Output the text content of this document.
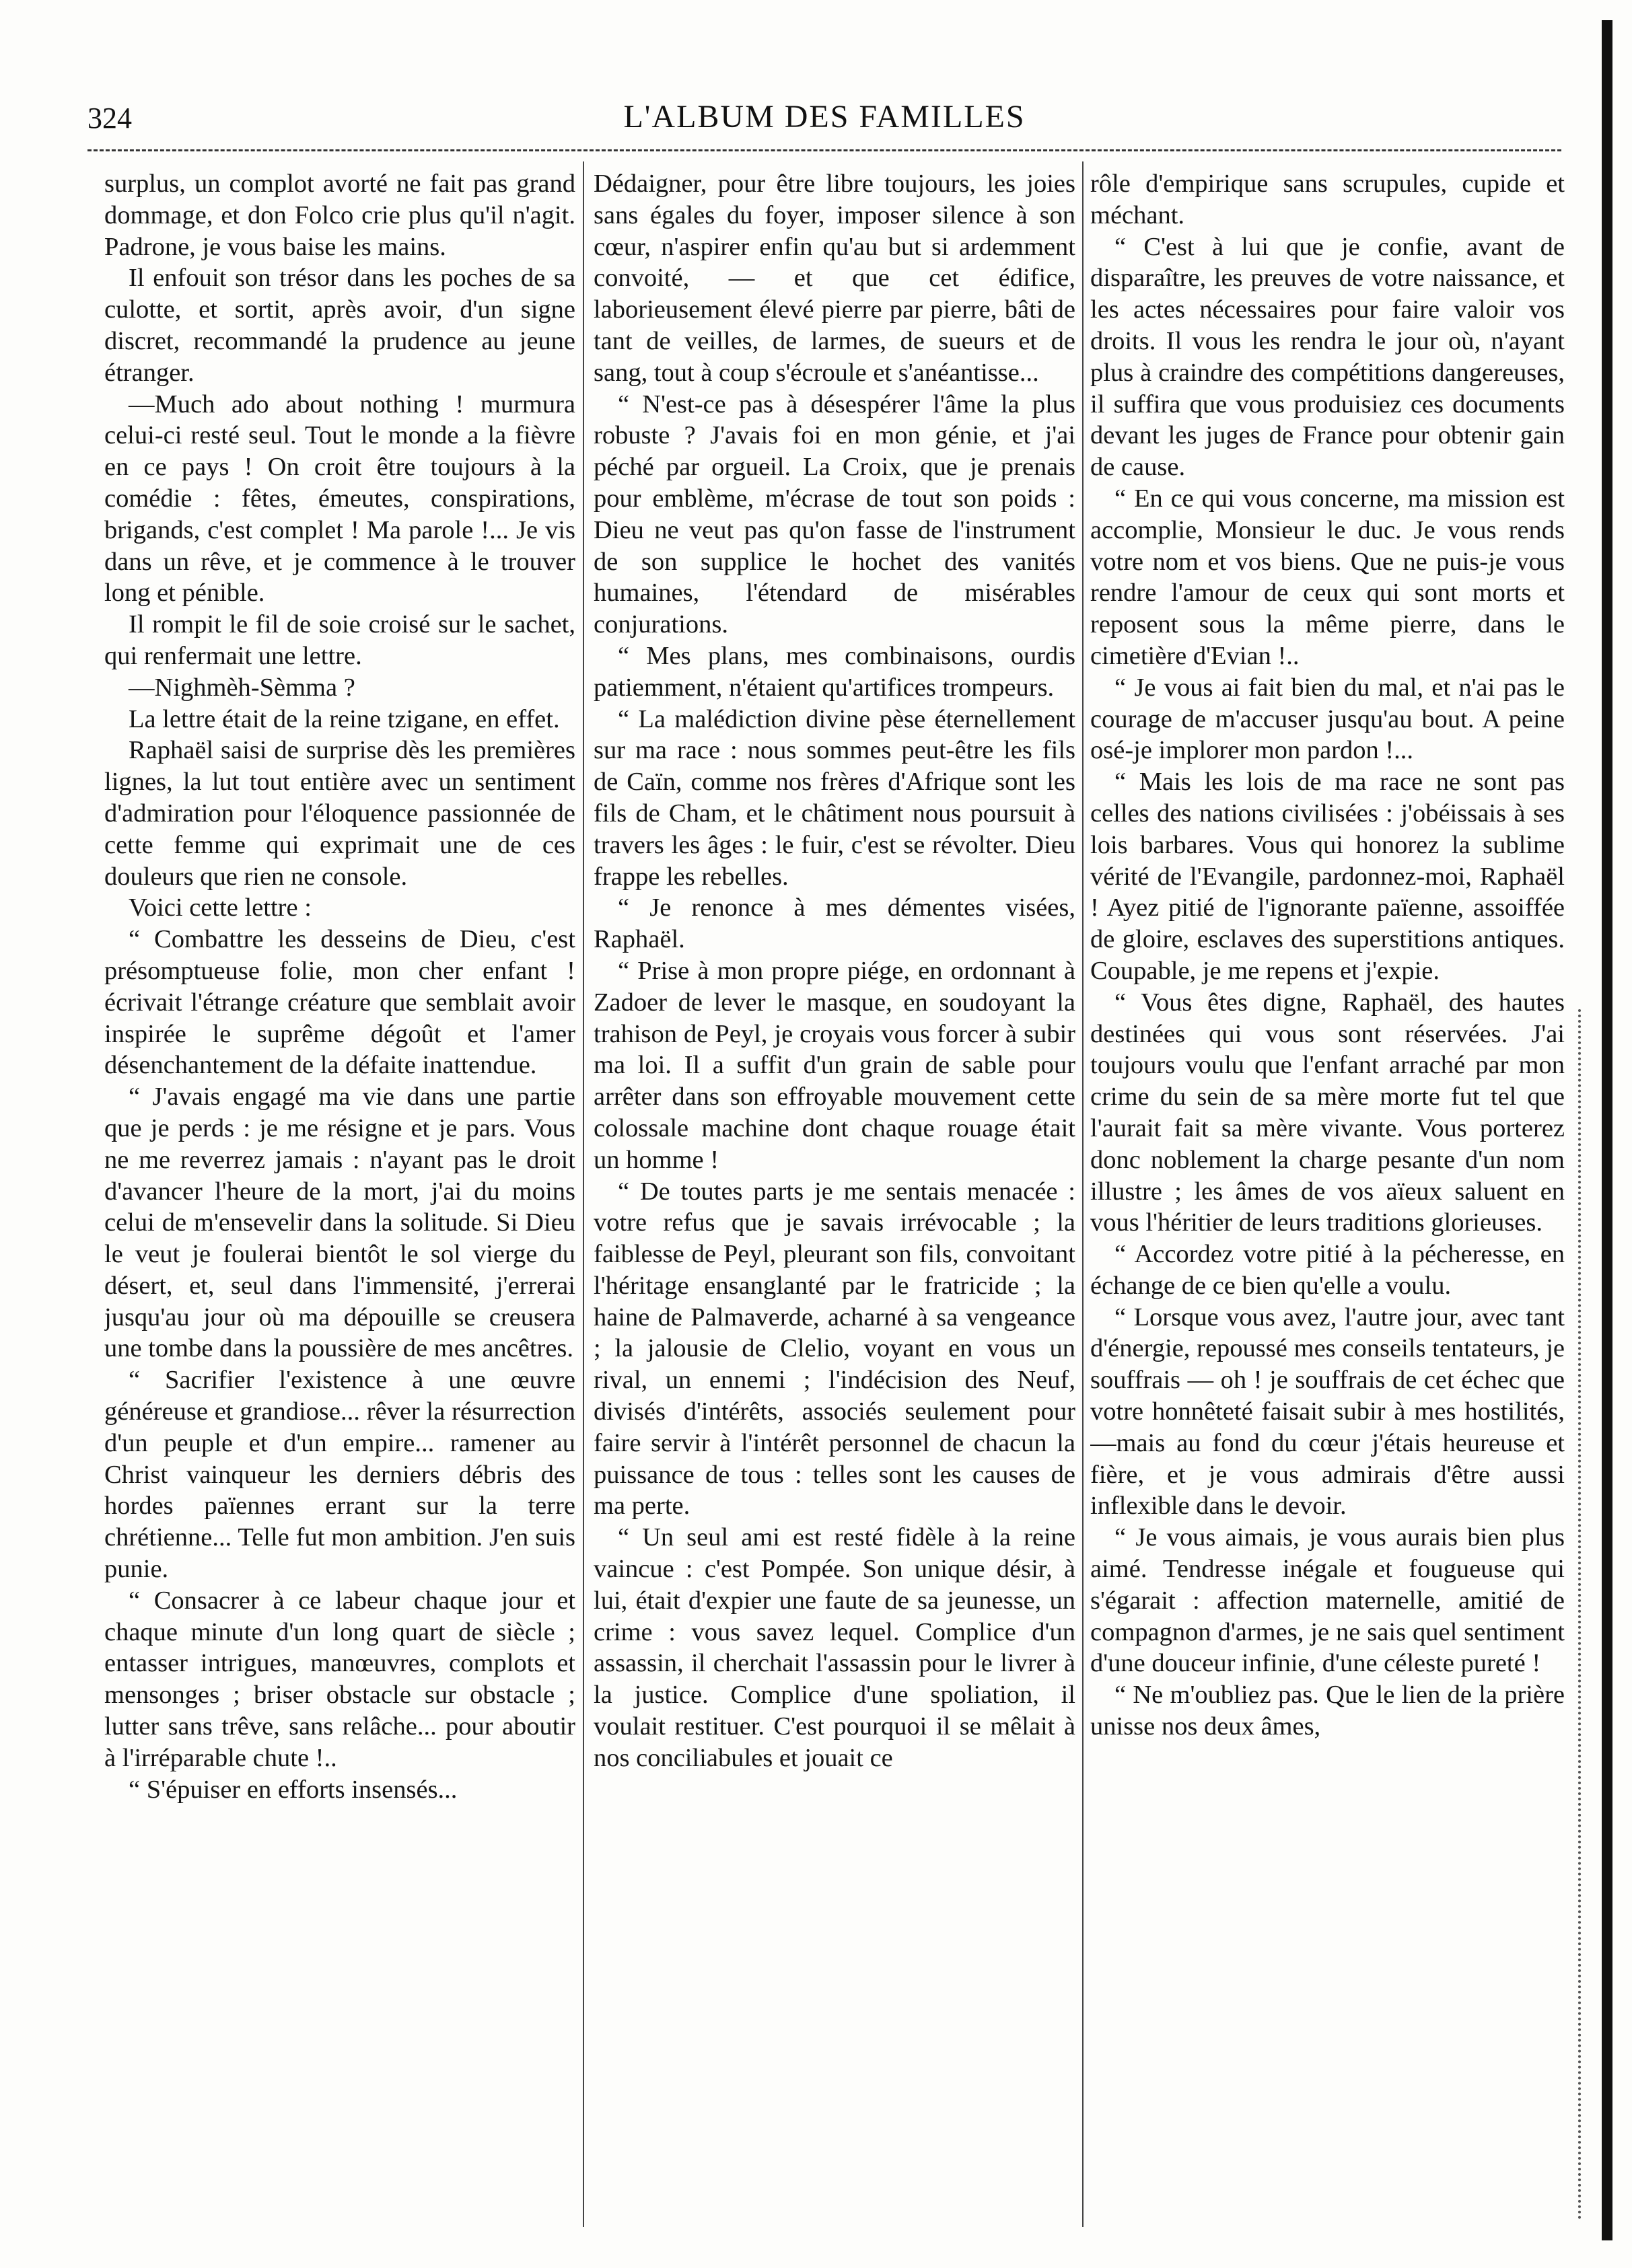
324	L'ALBUM DES FAMILLES

surplus, un complot avorté ne fait pas grand dommage, et don Folco crie plus qu'il n'agit. Padrone, je vous baise les mains.

Il enfouit son trésor dans les poches de sa culotte, et sortit, après avoir, d'un signe discret, recommandé la prudence au jeune étranger.

—Much ado about nothing ! murmura celui-ci resté seul. Tout le monde a la fièvre en ce pays ! On croit être toujours à la comédie : fêtes, émeutes, conspirations, brigands, c'est complet ! Ma parole !... Je vis dans un rêve, et je commence à le trouver long et pénible.

Il rompit le fil de soie croisé sur le sachet, qui renfermait une lettre.

—Nighmèh-Sèmma ?

La lettre était de la reine tzigane, en effet.

Raphaël saisi de surprise dès les premières lignes, la lut tout entière avec un sentiment d'admiration pour l'éloquence passionnée de cette femme qui exprimait une de ces douleurs que rien ne console.

Voici cette lettre :

“ Combattre les desseins de Dieu, c'est présomptueuse folie, mon cher enfant ! écrivait l'étrange créature que semblait avoir inspirée le suprême dégoût et l'amer désenchantement de la défaite inattendue.

“ J'avais engagé ma vie dans une partie que je perds : je me résigne et je pars. Vous ne me reverrez jamais : n'ayant pas le droit d'avancer l'heure de la mort, j'ai du moins celui de m'ensevelir dans la solitude. Si Dieu le veut je foulerai bientôt le sol vierge du désert, et, seul dans l'immensité, j'errerai jusqu'au jour où ma dépouille se creusera une tombe dans la poussière de mes ancêtres.

“ Sacrifier l'existence à une œuvre généreuse et grandiose... rêver la résurrection d'un peuple et d'un empire... ramener au Christ vainqueur les derniers débris des hordes païennes errant sur la terre chrétienne... Telle fut mon ambition. J'en suis punie.

“ Consacrer à ce labeur chaque jour et chaque minute d'un long quart de siècle ; entasser intrigues, manœuvres, complots et mensonges ; briser obstacle sur obstacle ; lutter sans trêve, sans relâche... pour aboutir à l'irréparable chute !..

“ S'épuiser en efforts insensés...

Dédaigner, pour être libre toujours, les joies sans égales du foyer, imposer silence à son cœur, n'aspirer enfin qu'au but si ardemment convoité, — et que cet édifice, laborieusement élevé pierre par pierre, bâti de tant de veilles, de larmes, de sueurs et de sang, tout à coup s'écroule et s'anéantisse...

“ N'est-ce pas à désespérer l'âme la plus robuste ? J'avais foi en mon génie, et j'ai péché par orgueil. La Croix, que je prenais pour emblème, m'écrase de tout son poids : Dieu ne veut pas qu'on fasse de l'instrument de son supplice le hochet des vanités humaines, l'étendard de misérables conjurations.

“ Mes plans, mes combinaisons, ourdis patiemment, n'étaient qu'artifices trompeurs.

“ La malédiction divine pèse éternellement sur ma race : nous sommes peut-être les fils de Caïn, comme nos frères d'Afrique sont les fils de Cham, et le châtiment nous poursuit à travers les âges : le fuir, c'est se révolter. Dieu frappe les rebelles.

“ Je renonce à mes démentes visées, Raphaël.

“ Prise à mon propre piége, en ordonnant à Zadoer de lever le masque, en soudoyant la trahison de Peyl, je croyais vous forcer à subir ma loi. Il a suffit d'un grain de sable pour arrêter dans son effroyable mouvement cette colossale machine dont chaque rouage était un homme !

“ De toutes parts je me sentais menacée : votre refus que je savais irrévocable ; la faiblesse de Peyl, pleurant son fils, convoitant l'héritage ensanglanté par le fratricide ; la haine de Palmaverde, acharné à sa vengeance ; la jalousie de Clelio, voyant en vous un rival, un ennemi ; l'indécision des Neuf, divisés d'intérêts, associés seulement pour faire servir à l'intérêt personnel de chacun la puissance de tous : telles sont les causes de ma perte.

“ Un seul ami est resté fidèle à la reine vaincue : c'est Pompée. Son unique désir, à lui, était d'expier une faute de sa jeunesse, un crime : vous savez lequel. Complice d'un assassin, il cherchait l'assassin pour le livrer à la justice. Complice d'une spoliation, il voulait restituer. C'est pourquoi il se mêlait à nos conciliabules et jouait ce

rôle d'empirique sans scrupules, cupide et méchant.

“ C'est à lui que je confie, avant de disparaître, les preuves de votre naissance, et les actes nécessaires pour faire valoir vos droits. Il vous les rendra le jour où, n'ayant plus à craindre des compétitions dangereuses, il suffira que vous produisiez ces documents devant les juges de France pour obtenir gain de cause.

“ En ce qui vous concerne, ma mission est accomplie, Monsieur le duc. Je vous rends votre nom et vos biens. Que ne puis-je vous rendre l'amour de ceux qui sont morts et reposent sous la même pierre, dans le cimetière d'Evian !..

“ Je vous ai fait bien du mal, et n'ai pas le courage de m'accuser jusqu'au bout. A peine osé-je implorer mon pardon !...

“ Mais les lois de ma race ne sont pas celles des nations civilisées : j'obéissais à ses lois barbares. Vous qui honorez la sublime vérité de l'Evangile, pardonnez-moi, Raphaël ! Ayez pitié de l'ignorante païenne, assoiffée de gloire, esclaves des superstitions antiques. Coupable, je me repens et j'expie.

“ Vous êtes digne, Raphaël, des hautes destinées qui vous sont réservées. J'ai toujours voulu que l'enfant arraché par mon crime du sein de sa mère morte fut tel que l'aurait fait sa mère vivante. Vous porterez donc noblement la charge pesante d'un nom illustre ; les âmes de vos aïeux saluent en vous l'héritier de leurs traditions glorieuses.

“ Accordez votre pitié à la pécheresse, en échange de ce bien qu'elle a voulu.

“ Lorsque vous avez, l'autre jour, avec tant d'énergie, repoussé mes conseils tentateurs, je souffrais — oh ! je souffrais de cet échec que votre honnêteté faisait subir à mes hostilités, —mais au fond du cœur j'étais heureuse et fière, et je vous admirais d'être aussi inflexible dans le devoir.

“ Je vous aimais, je vous aurais bien plus aimé. Tendresse inégale et fougueuse qui s'égarait : affection maternelle, amitié de compagnon d'armes, je ne sais quel sentiment d'une douceur infinie, d'une céleste pureté !

“ Ne m'oubliez pas. Que le lien de la prière unisse nos deux âmes,
